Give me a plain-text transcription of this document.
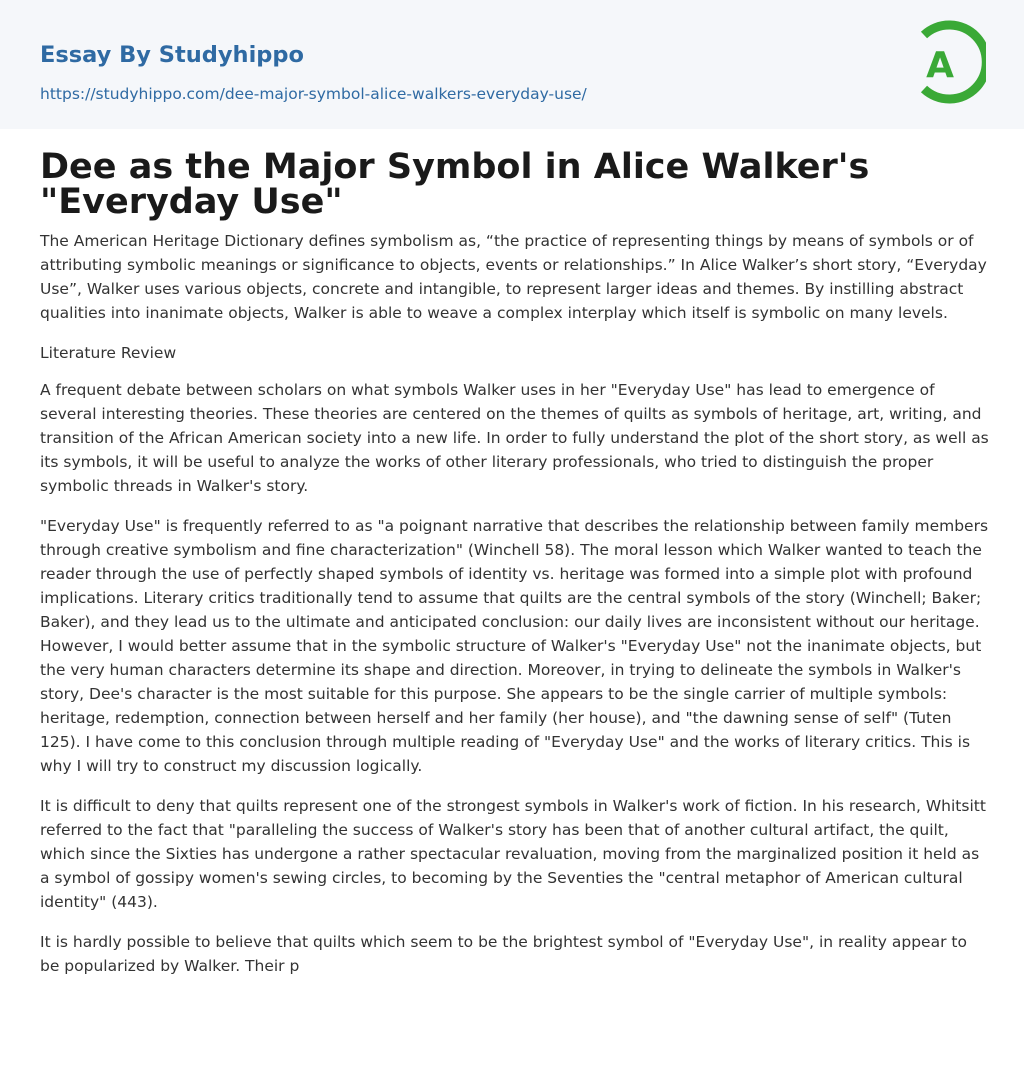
Essay By Studyhippo
https://studyhippo.com/dee-major-symbol-alice-walkers-everyday-use/
A
Dee as the Major Symbol in Alice Walker's "Everyday Use"

The American Heritage Dictionary defines symbolism as, “the practice of representing things by means of symbols or of attributing symbolic meanings or significance to objects, events or relationships.” In Alice Walker’s short story, “Everyday Use”, Walker uses various objects, concrete and intangible, to represent larger ideas and themes. By instilling abstract qualities into inanimate objects, Walker is able to weave a complex interplay which itself is symbolic on many levels.

Literature Review

A frequent debate between scholars on what symbols Walker uses in her "Everyday Use" has lead to emergence of several interesting theories. These theories are centered on the themes of quilts as symbols of heritage, art, writing, and transition of the African American society into a new life. In order to fully understand the plot of the short story, as well as its symbols, it will be useful to analyze the works of other literary professionals, who tried to distinguish the proper symbolic threads in Walker's story.

"Everyday Use" is frequently referred to as "a poignant narrative that describes the relationship between family members through creative symbolism and fine characterization" (Winchell 58). The moral lesson which Walker wanted to teach the reader through the use of perfectly shaped symbols of identity vs. heritage was formed into a simple plot with profound implications. Literary critics traditionally tend to assume that quilts are the central symbols of the story (Winchell; Baker; Baker), and they lead us to the ultimate and anticipated conclusion: our daily lives are inconsistent without our heritage. However, I would better assume that in the symbolic structure of Walker's "Everyday Use" not the inanimate objects, but the very human characters determine its shape and direction. Moreover, in trying to delineate the symbols in Walker's story, Dee's character is the most suitable for this purpose. She appears to be the single carrier of multiple symbols: heritage, redemption, connection between herself and her family (her house), and "the dawning sense of self" (Tuten 125). I have come to this conclusion through multiple reading of "Everyday Use" and the works of literary critics. This is why I will try to construct my discussion logically.

It is difficult to deny that quilts represent one of the strongest symbols in Walker's work of fiction. In his research, Whitsitt referred to the fact that "paralleling the success of Walker's story has been that of another cultural artifact, the quilt, which since the Sixties has undergone a rather spectacular revaluation, moving from the marginalized position it held as a symbol of gossipy women's sewing circles, to becoming by the Seventies the "central metaphor of American cultural identity" (443).

It is hardly possible to believe that quilts which seem to be the brightest symbol of "Everyday Use", in reality appear to be popularized by Walker. Their p
